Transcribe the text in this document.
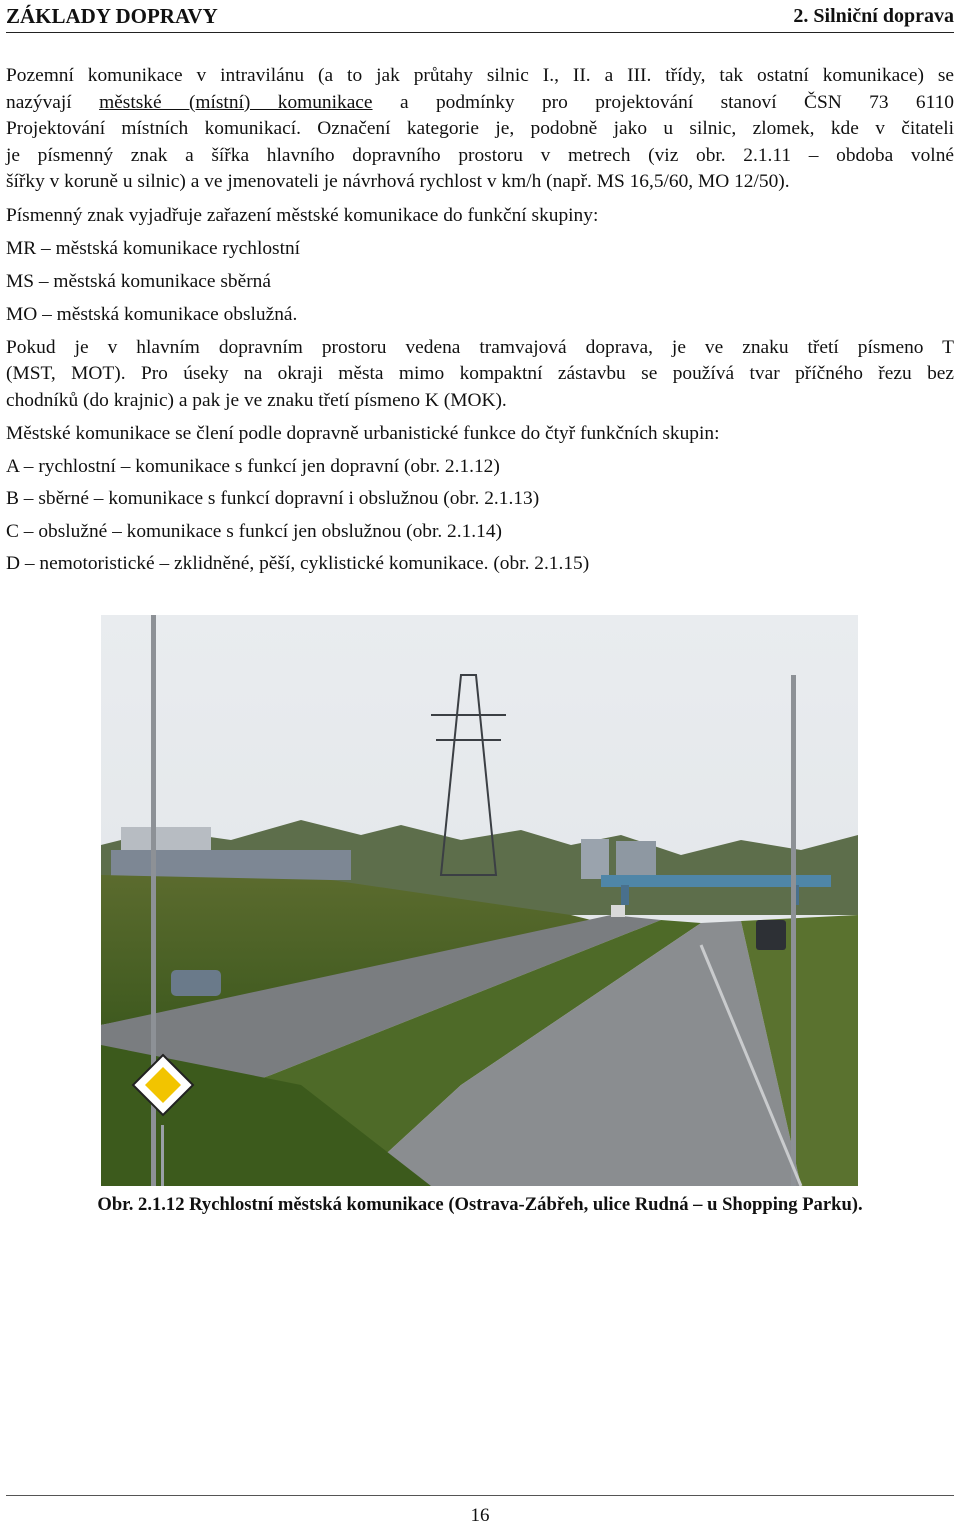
ZÁKLADY DOPRAVY	2. Silniční doprava
Pozemní komunikace v intravilánu (a to jak průtahy silnic I., II. a III. třídy, tak ostatní komunikace) se
nazývají městské (místní) komunikace a podmínky pro projektování stanoví ČSN 73 6110
Projektování místních komunikací. Označení kategorie je, podobně jako u silnic, zlomek, kde v čitateli
je písmenný znak a šířka hlavního dopravního prostoru v metrech (viz obr. 2.1.11 – obdoba volné
šířky v koruně u silnic) a ve jmenovateli je návrhová rychlost v km/h (např. MS 16,5/60, MO 12/50).
Písmenný znak vyjadřuje zařazení městské komunikace do funkční skupiny:
MR – městská komunikace rychlostní
MS – městská komunikace sběrná
MO – městská komunikace obslužná.
Pokud je v hlavním dopravním prostoru vedena tramvajová doprava, je ve znaku třetí písmeno T
(MST, MOT). Pro úseky na okraji města mimo kompaktní zástavbu se používá tvar příčného řezu bez
chodníků (do krajnic) a pak je ve znaku třetí písmeno K (MOK).
Městské komunikace se člení podle dopravně urbanistické funkce do čtyř funkčních skupin:
A – rychlostní – komunikace s funkcí jen dopravní (obr. 2.1.12)
B – sběrné – komunikace s funkcí dopravní i obslužnou (obr. 2.1.13)
C – obslužné – komunikace s funkcí jen obslužnou (obr. 2.1.14)
D – nemotoristické – zklidněné, pěší, cyklistické komunikace. (obr. 2.1.15)
Obr. 2.1.12 Rychlostní městská komunikace (Ostrava-Zábřeh, ulice Rudná – u Shopping Parku).
16
